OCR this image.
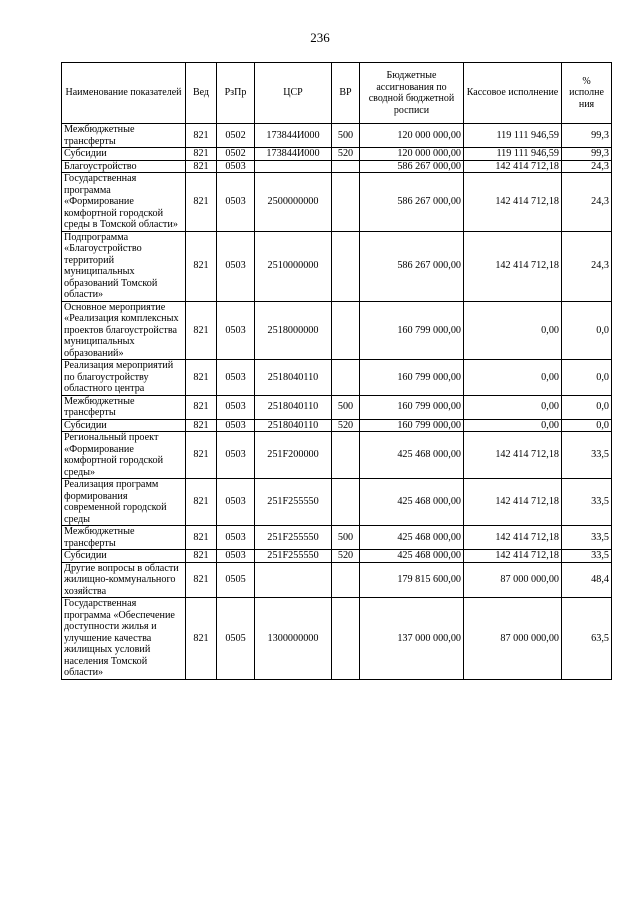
236
Наименование показателей	Вед	РзПр	ЦСР	ВР	Бюджетные ассигнования по сводной бюджетной росписи	Кассовое исполнение	% исполне ния
Межбюджетные трансферты	821	0502	173844И000	500	120 000 000,00	119 111 946,59	99,3
Субсидии	821	0502	173844И000	520	120 000 000,00	119 111 946,59	99,3
Благоустройство	821	0503			586 267 000,00	142 414 712,18	24,3
Государственная программа «Формирование комфортной городской среды в Томской области»	821	0503	2500000000		586 267 000,00	142 414 712,18	24,3
Подпрограмма «Благоустройство территорий муниципальных образований Томской области»	821	0503	2510000000		586 267 000,00	142 414 712,18	24,3
Основное мероприятие «Реализация комплексных проектов благоустройства муниципальных образований»	821	0503	2518000000		160 799 000,00	0,00	0,0
Реализация мероприятий по благоустройству областного центра	821	0503	2518040110		160 799 000,00	0,00	0,0
Межбюджетные трансферты	821	0503	2518040110	500	160 799 000,00	0,00	0,0
Субсидии	821	0503	2518040110	520	160 799 000,00	0,00	0,0
Региональный проект «Формирование комфортной городской среды»	821	0503	251F200000		425 468 000,00	142 414 712,18	33,5
Реализация программ формирования современной городской среды	821	0503	251F255550		425 468 000,00	142 414 712,18	33,5
Межбюджетные трансферты	821	0503	251F255550	500	425 468 000,00	142 414 712,18	33,5
Субсидии	821	0503	251F255550	520	425 468 000,00	142 414 712,18	33,5
Другие вопросы в области жилищно-коммунального хозяйства	821	0505			179 815 600,00	87 000 000,00	48,4
Государственная программа «Обеспечение доступности жилья и улучшение качества жилищных условий населения Томской области»	821	0505	1300000000		137 000 000,00	87 000 000,00	63,5
